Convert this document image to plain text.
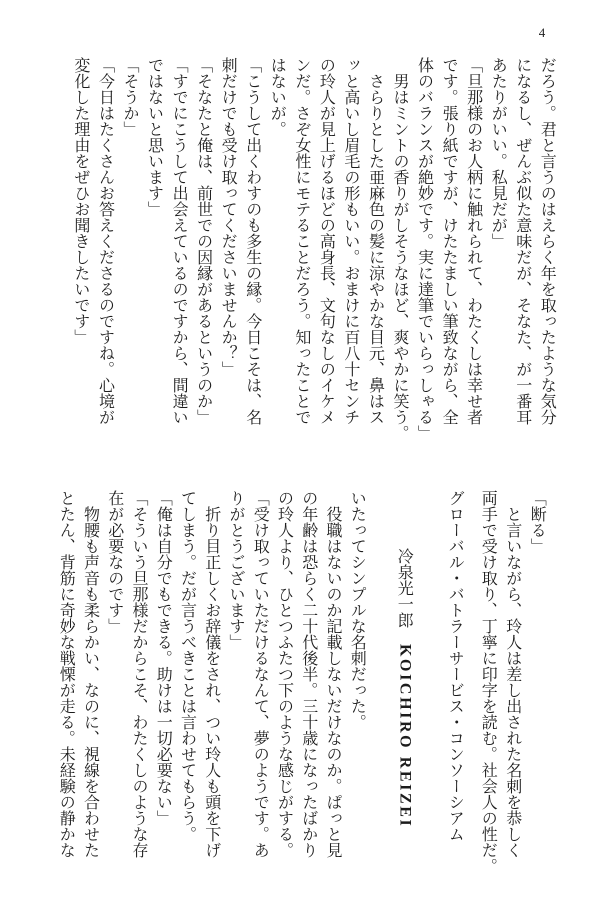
4
だろう。君と言うのはえらく年を取ったような気分
になるし、ぜんぶ似た意味だが、そなた、が一番耳
あたりがいい。私見だが」
「旦那様のお人柄に触れられて、わたくしは幸せ者
です。張り紙ですが、けたたましい筆致ながら、全
体のバランスが絶妙です。実に達筆でいらっしゃる」
　男はミントの香りがしそうなほど、爽やかに笑う。
　さらりとした亜麻色の髪に涼やかな目元、鼻はス
ッと高いし眉毛の形もいい。おまけに百八十センチ
の玲人が見上げるほどの高身長、文句なしのイケメ
ンだ。さぞ女性にモテることだろう。知ったことで
はないが。
「こうして出くわすのも多生の縁。今日こそは、名
刺だけでも受け取ってくださいませんか？」
「そなたと俺は、前世での因縁があるというのか」
「すでにこうして出会えているのですから、間違い
ではないと思います」
「そうか」
「今日はたくさんお答えくださるのですね。心境が
変化した理由をぜひお聞きしたいです」
「断る」
　と言いながら、玲人は差し出された名刺を恭しく
両手で受け取り、丁寧に印字を読む。社会人の性だ。
グローバル・バトラーサービス・コンソーシアム
冷泉光一郎KOICHIRO REIZEI
いたってシンプルな名刺だった。
　役職はないのか記載しないだけなのか。ぱっと見
の年齢は恐らく二十代後半。三十歳になったばかり
の玲人より、ひとつふたつ下のような感じがする。
「受け取っていただけるなんて、夢のようです。あ
りがとうございます」
　折り目正しくお辞儀をされ、つい玲人も頭を下げ
てしまう。だが言うべきことは言わせてもらう。
「俺は自分でもできる。助けは一切必要ない」
「そういう旦那様だからこそ、わたくしのような存
在が必要なのです」
　物腰も声音も柔らかい、なのに、視線を合わせた
とたん、背筋に奇妙な戦慄が走る。未経験の静かな
